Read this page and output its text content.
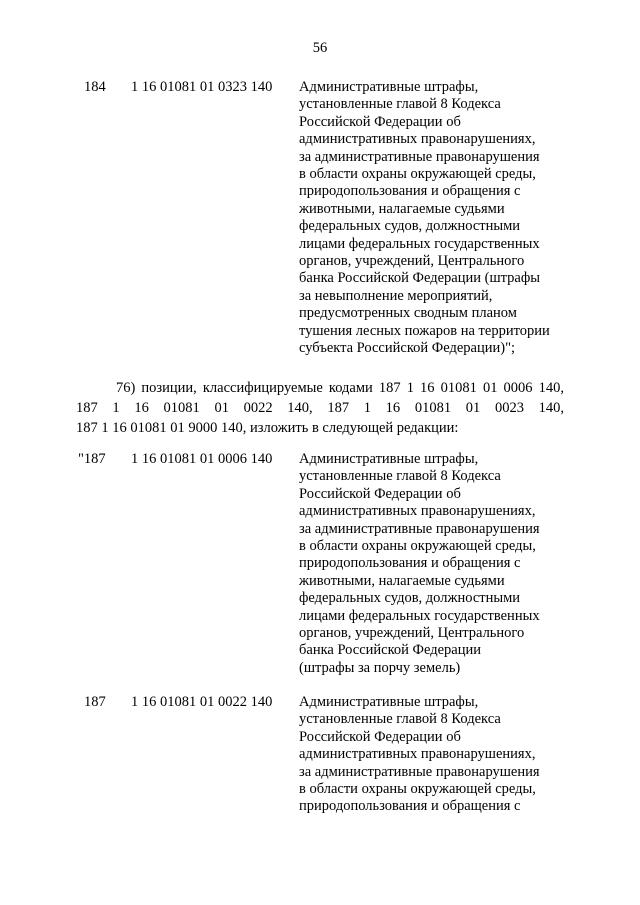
56
184 1 16 01081 01 0323 140 Административные штрафы,
установленные главой 8 Кодекса
Российской Федерации об
административных правонарушениях,
за административные правонарушения
в области охраны окружающей среды,
природопользования и обращения с
животными, налагаемые судьями
федеральных судов, должностными
лицами федеральных государственных
органов, учреждений, Центрального
банка Российской Федерации (штрафы
за невыполнение мероприятий,
предусмотренных сводным планом
тушения лесных пожаров на территории
субъекта Российской Федерации)";
76) позиции, классифицируемые кодами 187 1 16 01081 01 0006 140,
187 1 16 01081 01 0022 140, 187 1 16 01081 01 0023 140,
187 1 16 01081 01 9000 140, изложить в следующей редакции:
"187 1 16 01081 01 0006 140 Административные штрафы,
установленные главой 8 Кодекса
Российской Федерации об
административных правонарушениях,
за административные правонарушения
в области охраны окружающей среды,
природопользования и обращения с
животными, налагаемые судьями
федеральных судов, должностными
лицами федеральных государственных
органов, учреждений, Центрального
банка Российской Федерации
(штрафы за порчу земель)
187 1 16 01081 01 0022 140 Административные штрафы,
установленные главой 8 Кодекса
Российской Федерации об
административных правонарушениях,
за административные правонарушения
в области охраны окружающей среды,
природопользования и обращения с
